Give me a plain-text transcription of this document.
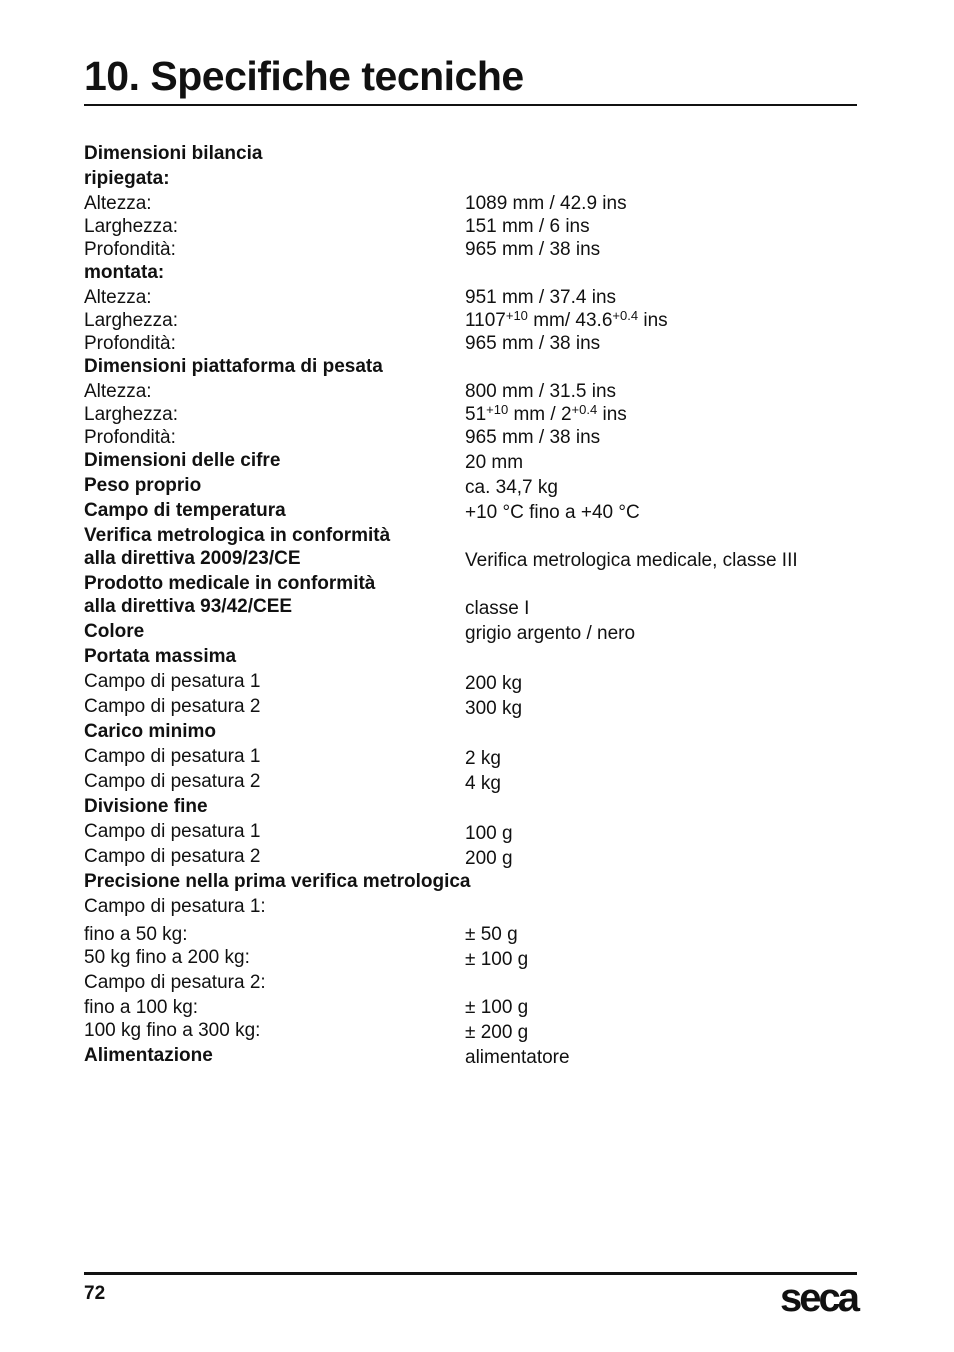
10. Specifiche tecniche
Dimensioni bilancia
ripiegata:
Altezza:	1089 mm / 42.9 ins
Larghezza:	151 mm / 6 ins
Profondità:	965 mm / 38 ins
montata:
Altezza:	951 mm / 37.4 ins
Larghezza:	$1107^{+10}$ mm/ $43.6^{+0.4}$ ins
Profondità:	965 mm / 38 ins
Dimensioni piattaforma di pesata
Altezza:	800 mm / 31.5 ins
Larghezza:	$51^{+10}$ mm / $2^{+0.4}$ ins
Profondità:	965 mm / 38 ins
Dimensioni delle cifre	20 mm
Peso proprio	ca. 34,7 kg
Campo di temperatura	+10 °C fino a +40 °C
Verifica metrologica in conformità
alla direttiva 2009/23/CE	Verifica metrologica medicale, classe III
Prodotto medicale in conformità
alla direttiva 93/42/CEE	classe I
Colore	grigio argento / nero
Portata massima
Campo di pesatura 1	200 kg
Campo di pesatura 2	300 kg
Carico minimo
Campo di pesatura 1	2 kg
Campo di pesatura 2	4 kg
Divisione fine
Campo di pesatura 1	100 g
Campo di pesatura 2	200 g
Precisione nella prima verifica metrologica
Campo di pesatura 1:
fino a 50 kg:	± 50 g
50 kg fino a 200 kg:	± 100 g
Campo di pesatura 2:
fino a 100 kg:	± 100 g
100 kg fino a 300 kg:	± 200 g
Alimentazione	alimentatore
72	seca
